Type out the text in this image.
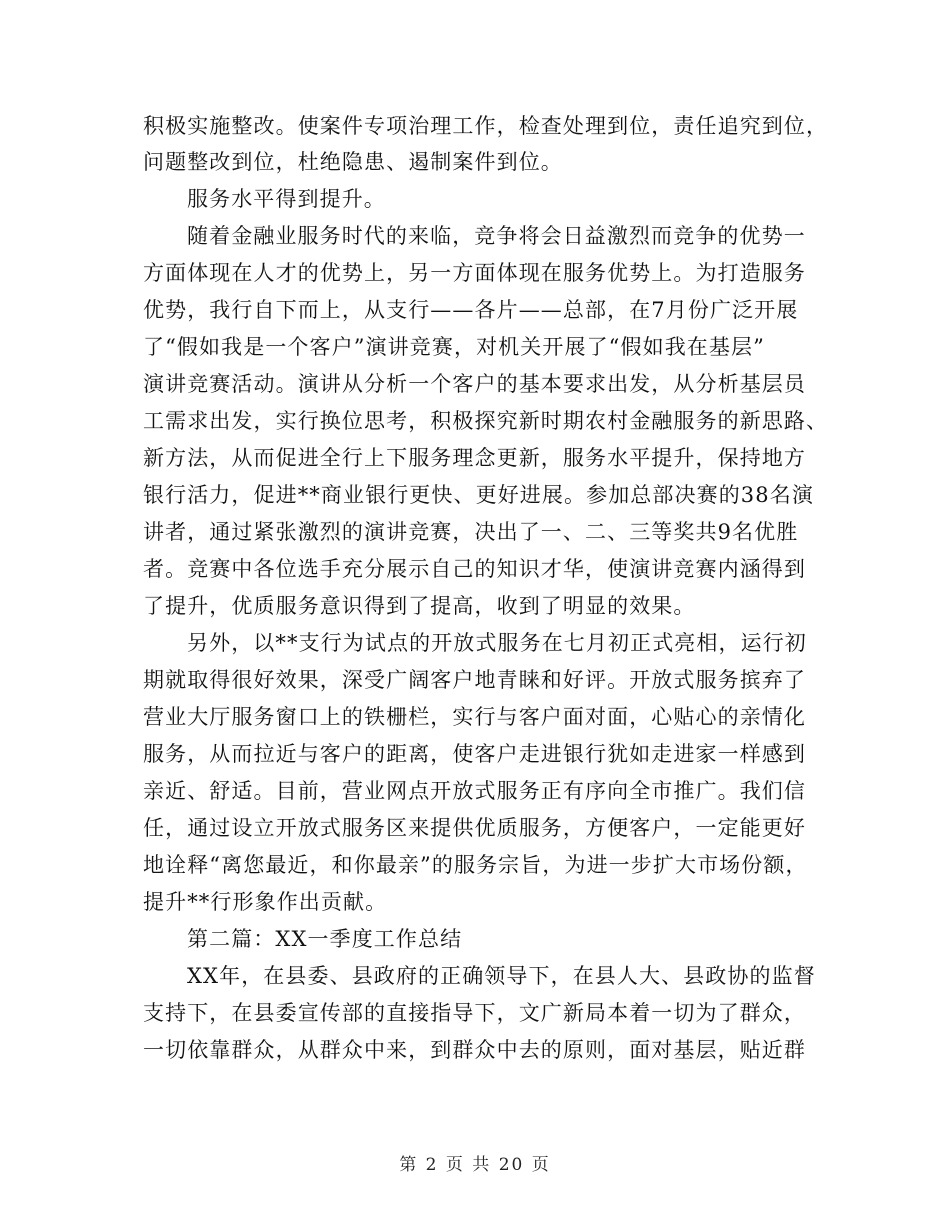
积极实施整改。使案件专项治理工作，检查处理到位，责任追究到位，
问题整改到位，杜绝隐患、遏制案件到位。
服务水平得到提升。
随着金融业服务时代的来临，竞争将会日益激烈而竞争的优势一
方面体现在人才的优势上，另一方面体现在服务优势上。为打造服务
优势，我行自下而上，从支行——各片——总部，在7月份广泛开展
了“假如我是一个客户”演讲竞赛，对机关开展了“假如我在基层”
演讲竞赛活动。演讲从分析一个客户的基本要求出发，从分析基层员
工需求出发，实行换位思考，积极探究新时期农村金融服务的新思路、
新方法，从而促进全行上下服务理念更新，服务水平提升，保持地方
银行活力，促进**商业银行更快、更好进展。参加总部决赛的38名演
讲者，通过紧张激烈的演讲竞赛，决出了一、二、三等奖共9名优胜
者。竞赛中各位选手充分展示自己的知识才华，使演讲竞赛内涵得到
了提升，优质服务意识得到了提高，收到了明显的效果。
另外，以**支行为试点的开放式服务在七月初正式亮相，运行初
期就取得很好效果，深受广阔客户地青睐和好评。开放式服务摈弃了
营业大厅服务窗口上的铁栅栏，实行与客户面对面，心贴心的亲情化
服务，从而拉近与客户的距离，使客户走进银行犹如走进家一样感到
亲近、舒适。目前，营业网点开放式服务正有序向全市推广。我们信
任，通过设立开放式服务区来提供优质服务，方便客户，一定能更好
地诠释“离您最近，和你最亲”的服务宗旨，为进一步扩大市场份额，
提升**行形象作出贡献。
第二篇：XX一季度工作总结
XX年，在县委、县政府的正确领导下，在县人大、县政协的监督
支持下，在县委宣传部的直接指导下，文广新局本着一切为了群众，
一切依靠群众，从群众中来，到群众中去的原则，面对基层，贴近群
第 2 页 共 20 页
